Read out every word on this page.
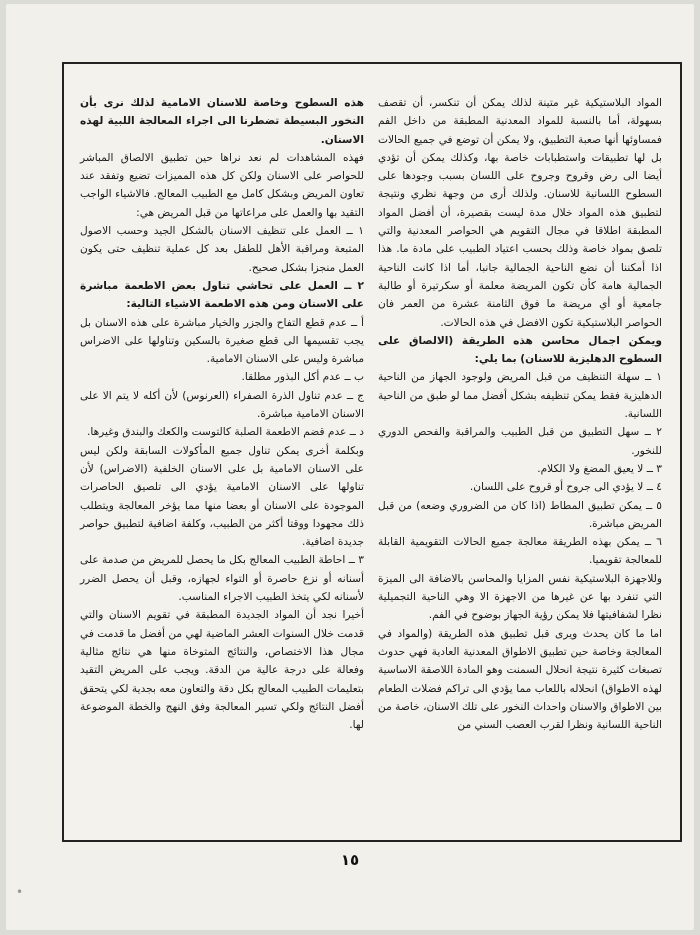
المواد البلاستيكية غير متينة لذلك يمكن أن تنكسر، أن تقصف بسهولة، أما بالنسبة للمواد المعدنية المطبقة من داخل الفم فمساوئها أنها صعبة التطبيق، ولا يمكن أن توضع في جميع الحالات بل لها تطبيقات واستطبابات خاصة بها، وكذلك يمكن أن تؤدي أيضا الى رض وقروح وجروح على اللسان بسبب وجودها على السطوح اللسانية للاسنان. ولذلك أرى من وجهة نظري ونتيجة لتطبيق هذه المواد خلال مدة ليست بقصيرة، أن أفضل المواد المطبقة اطلاقا في مجال التقويم هي الحواصر المعدنية والتي تلصق بمواد خاصة وذلك بحسب اعتياد الطبيب على مادة ما. هذا اذا أمكننا أن نضع الناحية الجمالية جانبا، أما اذا كانت الناحية الجمالية هامة كأن تكون المريضة معلمة أو سكرتيرة أو طالبة جامعية أو أي مريضة ما فوق الثامنة عشرة من العمر فان الحواصر البلاستيكية تكون الافضل في هذه الحالات.

ويمكن اجمال محاسن هذه الطريقة (الالصاق على السطوح الدهليزية للاسنان) بما يلي:

١ ــ سهلة التنظيف من قبل المريض ولوجود الجهاز من الناحية الدهليزية فقط يمكن تنظيفه بشكل أفضل مما لو طبق من الناحية اللسانية.

٢ ــ سهل التطبيق من قبل الطبيب والمراقبة والفحص الدوري للنخور.

٣ ــ لا يعيق المضغ ولا الكلام.

٤ ــ لا يؤدي الى جروح أو قروح على اللسان.

٥ ــ يمكن تطبيق المطاط (اذا كان من الضروري وضعه) من قبل المريض مباشرة.

٦ ــ يمكن بهذه الطريقة معالجة جميع الحالات التقويمية القابلة للمعالجة تقويميا.

وللاجهزة البلاستيكية نفس المزايا والمحاسن بالاضافة الى الميزة التي تنفرد بها عن غيرها من الاجهزة الا وهي الناحية التجميلية نظرا لشفافيتها فلا يمكن رؤية الجهاز بوضوح في الفم.

اما ما كان يحدث ويرى قبل تطبيق هذه الطريقة (والمواد في المعالجة وخاصة حين تطبيق الاطواق المعدنية العادية فهي حدوث تصبغات كثيرة نتيجة انحلال السمنت وهو المادة اللاصقة الاساسية لهذه الاطواق) انحلاله باللعاب مما يؤدي الى تراكم فضلات الطعام بين الاطواق والاسنان واحداث النخور على تلك الاسنان، خاصة من الناحية اللسانية ونظرا لقرب العصب السني من

هذه السطوح وخاصة للاسنان الامامية لذلك نرى بأن النخور البسيطة تضطرنا الى اجراء المعالجة اللبية لهذه الاسنان.

فهذه المشاهدات لم نعد نراها حين تطبيق الالصاق المباشر للحواصر على الاسنان ولكن كل هذه المميزات تضيع وتفقد عند تعاون المريض وبشكل كامل مع الطبيب المعالج. فالاشياء الواجب التقيد بها والعمل على مراعاتها من قبل المريض هي:

١ ــ العمل على تنظيف الاسنان بالشكل الجيد وحسب الاصول المتبعة ومراقبة الأهل للطفل بعد كل عملية تنظيف حتى يكون العمل منجزا بشكل صحيح.

٢ ــ العمل على تحاشي تناول بعض الاطعمة مباشرة على الاسنان ومن هذه الاطعمة الاشياء التالية:

أ ــ عدم قطع التفاح والجزر والخيار مباشرة على هذه الاسنان بل يجب تقسيمها الى قطع صغيرة بالسكين وتناولها على الاضراس مباشرة وليس على الاسنان الامامية.

ب ــ عدم أكل البذور مطلقا.

ج ــ عدم تناول الذرة الصفراء (العرنوس) لأن أكله لا يتم الا على الاسنان الامامية مباشرة.

د ــ عدم قضم الاطعمة الصلبة كالتوست والكعك والبندق وغيرها.

وبكلمة أخرى يمكن تناول جميع المأكولات السابقة ولكن ليس على الاسنان الامامية بل على الاسنان الخلفية (الاضراس) لأن تناولها على الاسنان الامامية يؤدي الى تلصيق الحاصرات الموجودة على الاسنان أو بعضا منها مما يؤخر المعالجة ويتطلب ذلك مجهودا ووقتا أكثر من الطبيب، وكلفة اضافية لتطبيق حواصر جديدة اضافية.

٣ ــ احاطة الطبيب المعالج بكل ما يحصل للمريض من صدمة على أسنانه أو نزع حاصرة أو التواء لجهازه، وقبل أن يحصل الضرر لأسنانه لكي يتخذ الطبيب الاجراء المناسب.

أخيرا نجد أن المواد الجديدة المطبقة في تقويم الاسنان والتي قدمت خلال السنوات العشر الماضية لهي من أفضل ما قدمت في مجال هذا الاختصاص، والنتائج المتوخاة منها هي نتائج مثالية وفعالة على درجة عالية من الدقة. ويجب على المريض التقيد بتعليمات الطبيب المعالج بكل دقة والتعاون معه بجدية لكي يتحقق أفضل النتائج ولكي تسير المعالجة وفق النهج والخطة الموضوعة لها.

١٥
•
